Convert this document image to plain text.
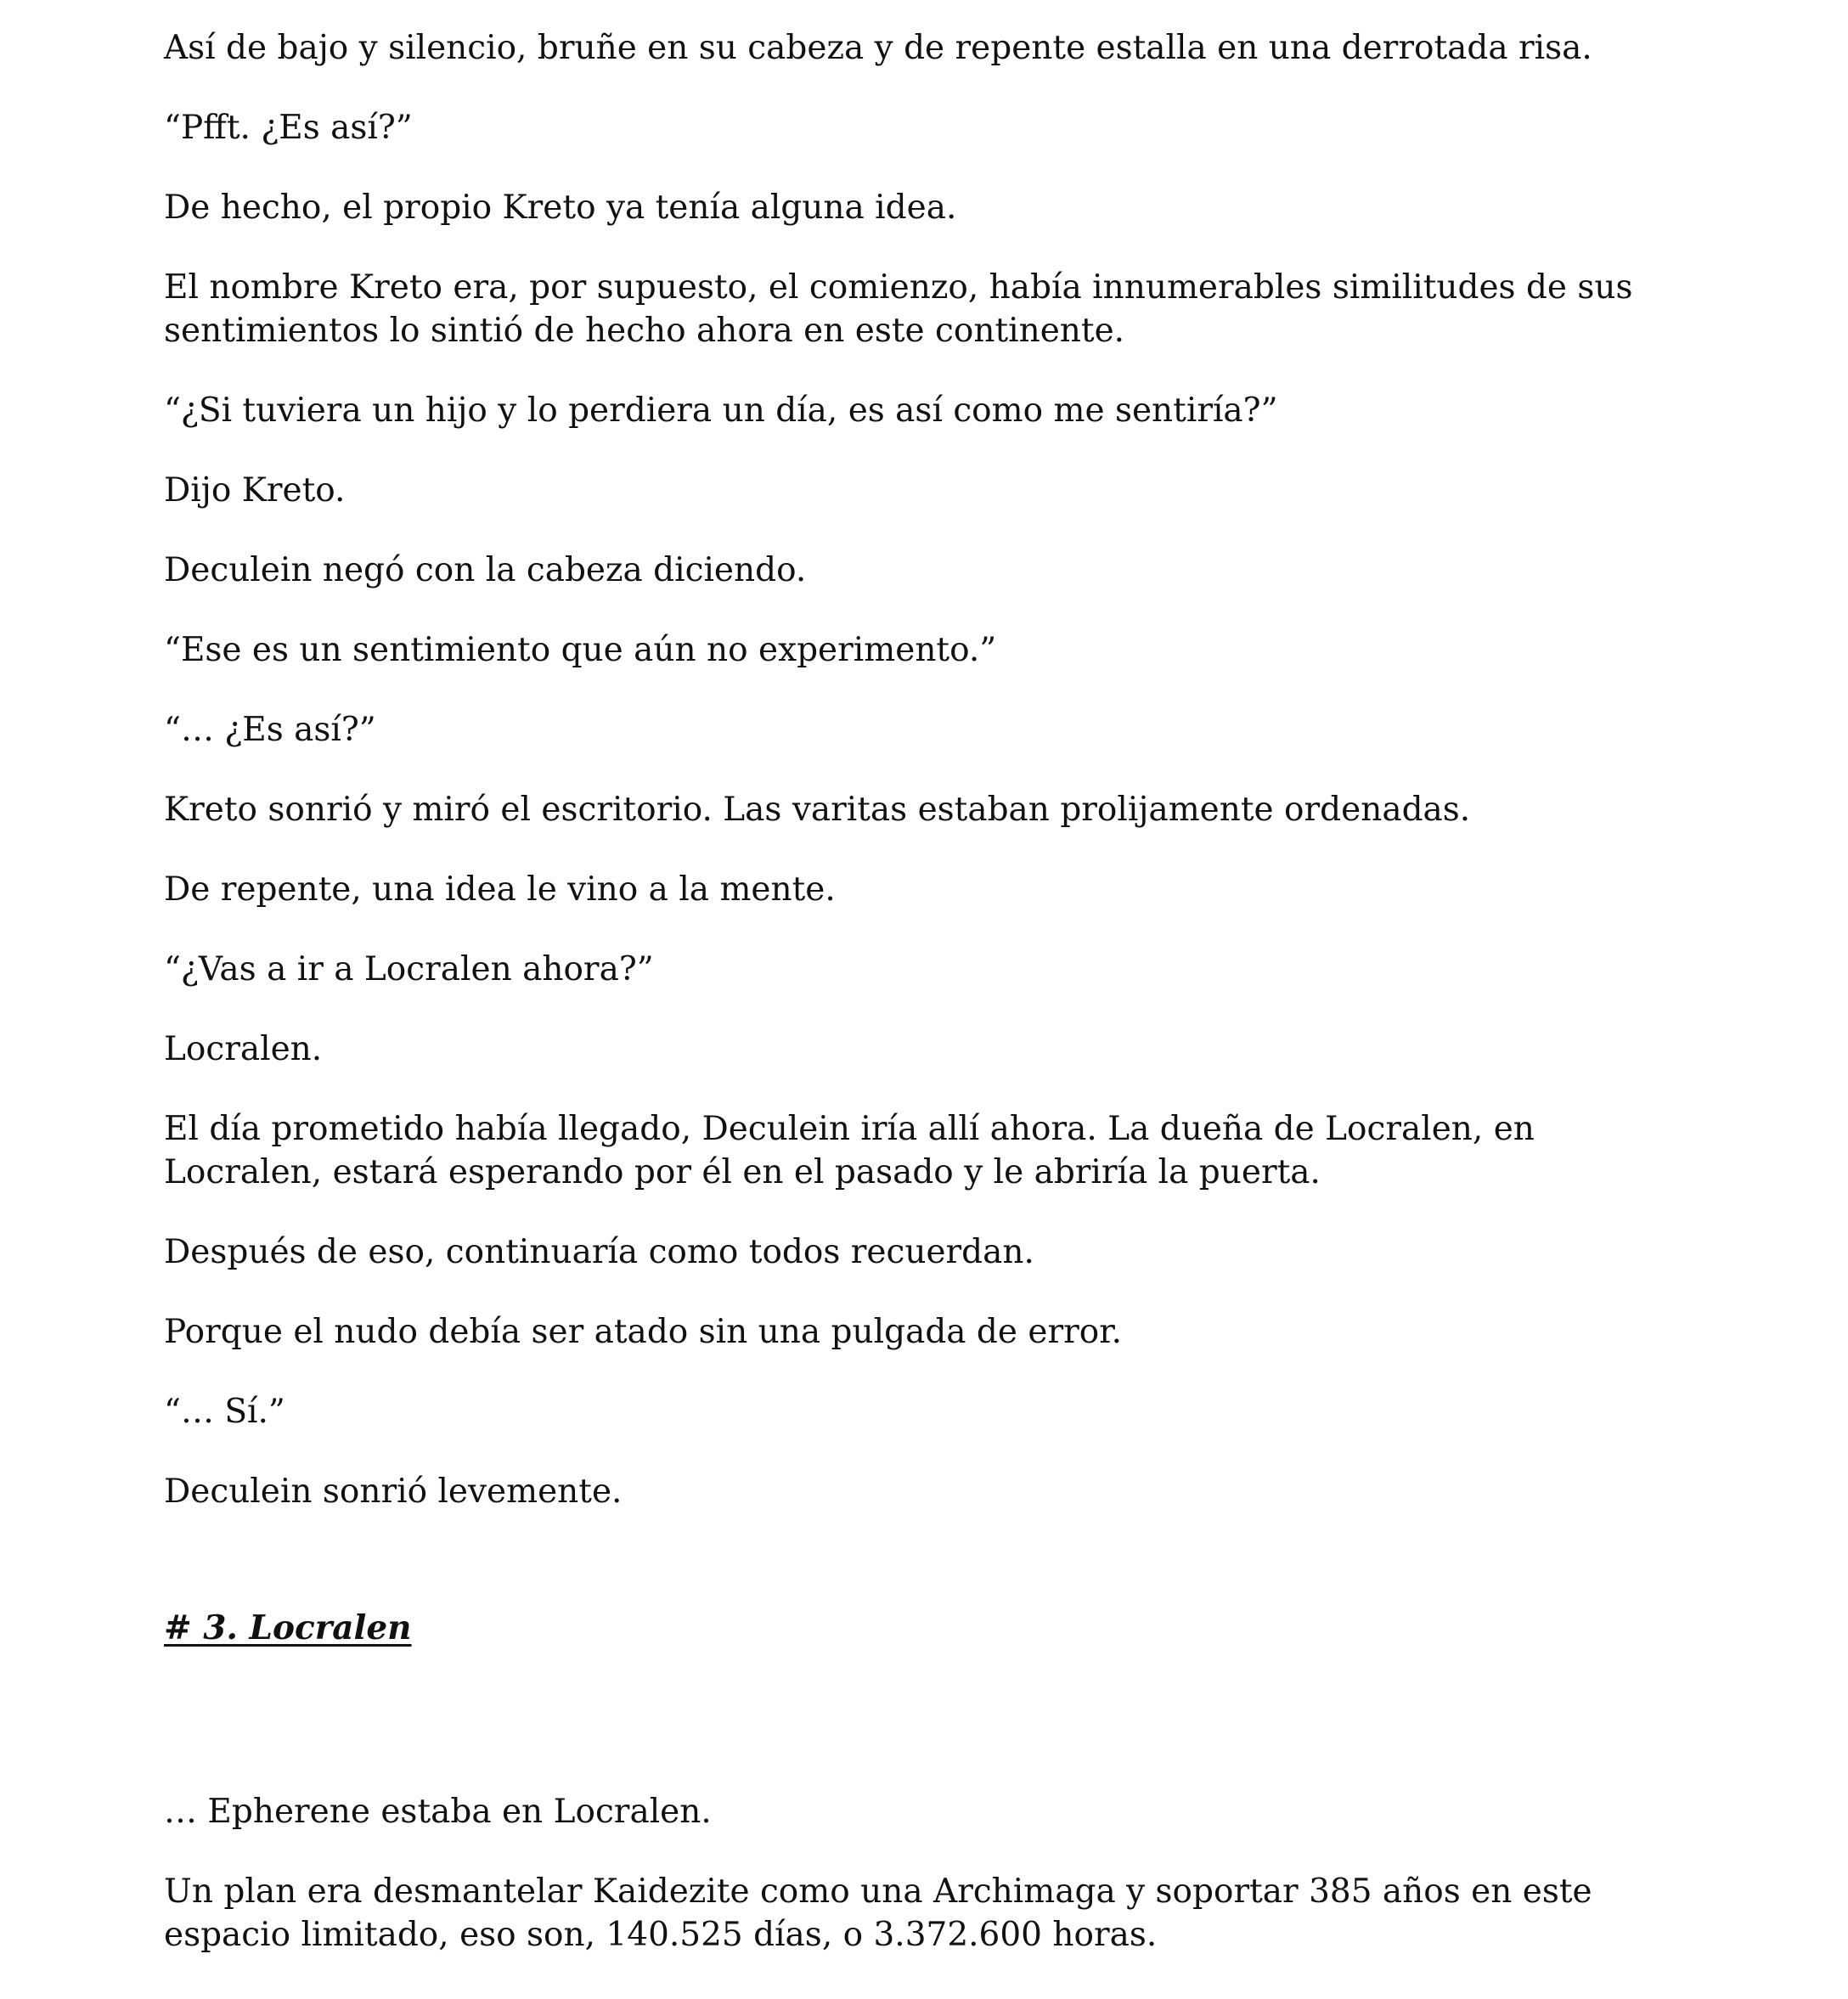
Así de bajo y silencio, bruñe en su cabeza y de repente estalla en una derrotada risa.

“Pfft. ¿Es así?”

De hecho, el propio Kreto ya tenía alguna idea.

El nombre Kreto era, por supuesto, el comienzo, había innumerables similitudes de sus sentimientos lo sintió de hecho ahora en este continente.

“¿Si tuviera un hijo y lo perdiera un día, es así como me sentiría?”

Dijo Kreto.

Deculein negó con la cabeza diciendo.

“Ese es un sentimiento que aún no experimento.”

“… ¿Es así?”

Kreto sonrió y miró el escritorio. Las varitas estaban prolijamente ordenadas.

De repente, una idea le vino a la mente.

“¿Vas a ir a Locralen ahora?”

Locralen.

El día prometido había llegado, Deculein iría allí ahora. La dueña de Locralen, en Locralen, estará esperando por él en el pasado y le abriría la puerta.

Después de eso, continuaría como todos recuerdan.

Porque el nudo debía ser atado sin una pulgada de error.

“… Sí.”

Deculein sonrió levemente.

# 3. Locralen

… Epherene estaba en Locralen.

Un plan era desmantelar Kaidezite como una Archimaga y soportar 385 años en este espacio limitado, eso son, 140.525 días, o 3.372.600 horas.
